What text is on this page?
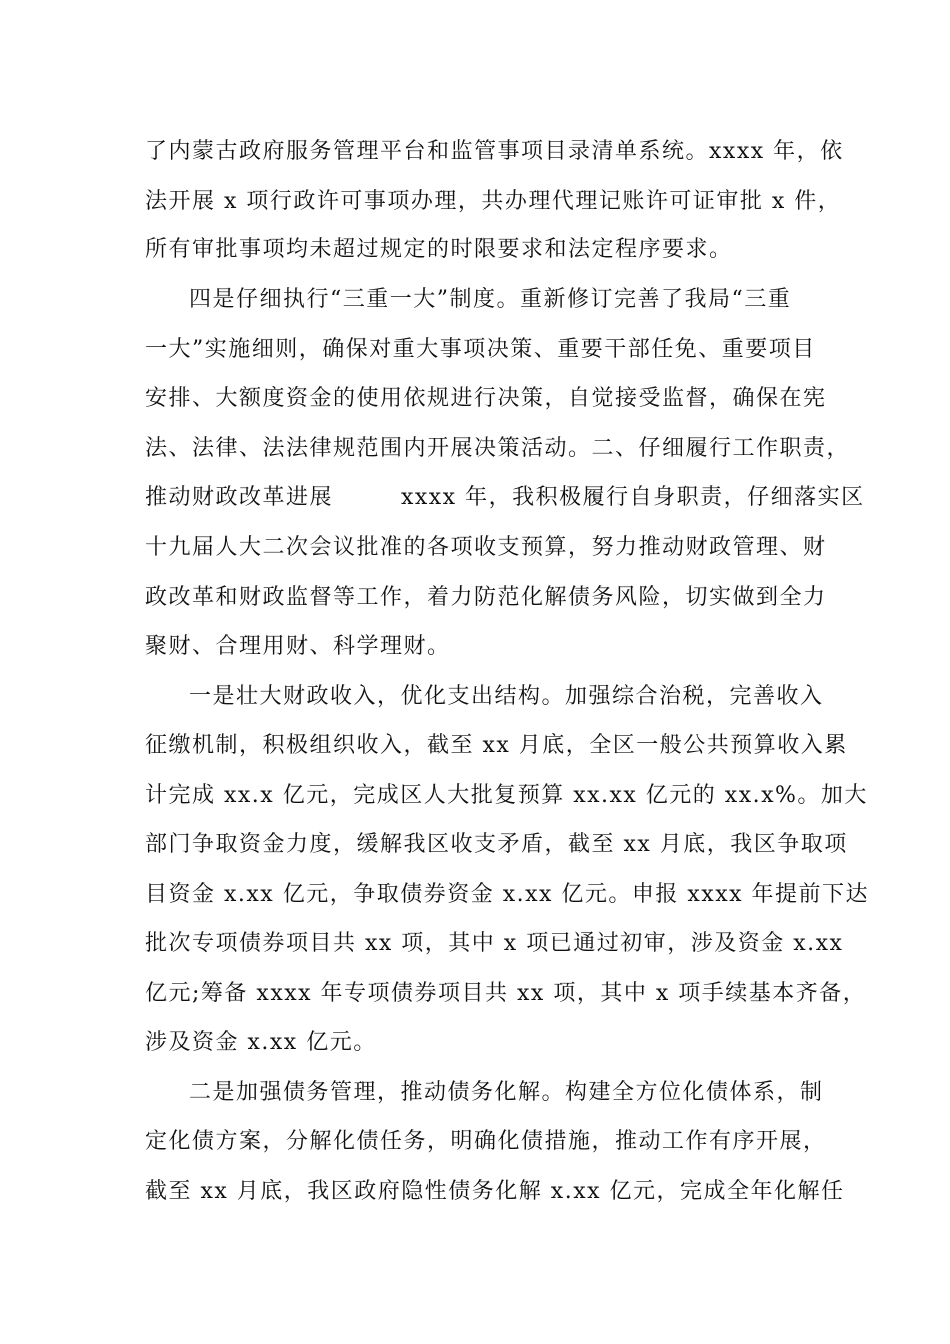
了内蒙古政府服务管理平台和监管事项目录清单系统。xxxx 年，依
法开展 x 项行政许可事项办理，共办理代理记账许可证审批 x 件，
所有审批事项均未超过规定的时限要求和法定程序要求。
四是仔细执行“三重一大”制度。重新修订完善了我局“三重
一大”实施细则，确保对重大事项决策、重要干部任免、重要项目
安排、大额度资金的使用依规进行决策，自觉接受监督，确保在宪
法、法律、法法律规范围内开展决策活动。二、仔细履行工作职责，
推动财政改革进展        xxxx 年，我积极履行自身职责，仔细落实区
十九届人大二次会议批准的各项收支预算，努力推动财政管理、财
政改革和财政监督等工作，着力防范化解债务风险，切实做到全力
聚财、合理用财、科学理财。
一是壮大财政收入，优化支出结构。加强综合治税，完善收入
征缴机制，积极组织收入，截至 xx 月底，全区一般公共预算收入累
计完成 xx.x 亿元，完成区人大批复预算 xx.xx 亿元的 xx.x%。加大
部门争取资金力度，缓解我区收支矛盾，截至 xx 月底，我区争取项
目资金 x.xx 亿元，争取债券资金 x.xx 亿元。申报 xxxx 年提前下达
批次专项债券项目共 xx 项，其中 x 项已通过初审，涉及资金 x.xx
亿元;筹备 xxxx 年专项债券项目共 xx 项，其中 x 项手续基本齐备，
涉及资金 x.xx 亿元。
二是加强债务管理，推动债务化解。构建全方位化债体系，制
定化债方案，分解化债任务，明确化债措施，推动工作有序开展，
截至 xx 月底，我区政府隐性债务化解 x.xx 亿元，完成全年化解任
